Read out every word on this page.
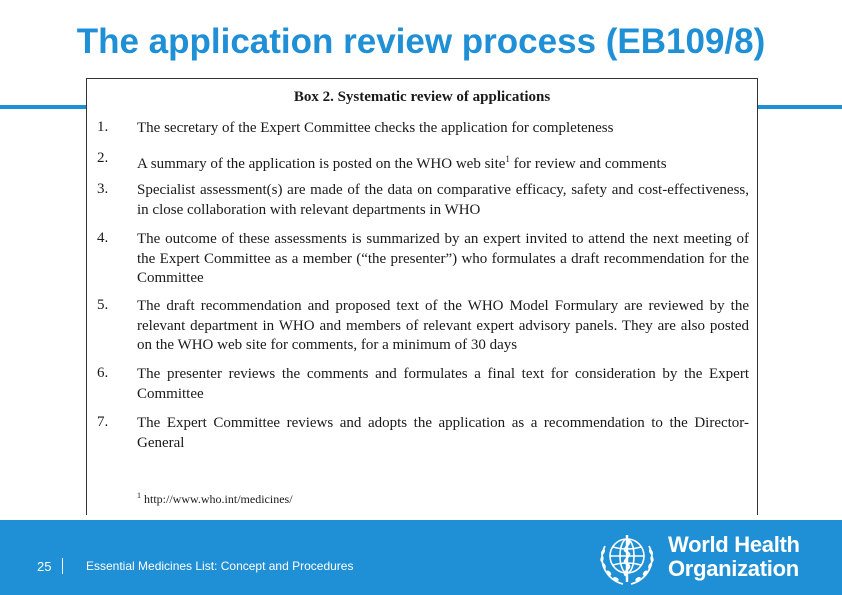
The application review process (EB109/8)
Box 2. Systematic review of applications
1. The secretary of the Expert Committee checks the application for completeness
2. A summary of the application is posted on the WHO web site$^1$ for review and comments
3. Specialist assessment(s) are made of the data on comparative efficacy, safety and cost-effectiveness, in close collaboration with relevant departments in WHO
4. The outcome of these assessments is summarized by an expert invited to attend the next meeting of the Expert Committee as a member (“the presenter”) who formulates a draft recommendation for the Committee
5. The draft recommendation and proposed text of the WHO Model Formulary are reviewed by the relevant department in WHO and members of relevant expert advisory panels. They are also posted on the WHO web site for comments, for a minimum of 30 days
6. The presenter reviews the comments and formulates a final text for consideration by the Expert Committee
7. The Expert Committee reviews and adopts the application as a recommendation to the Director-General
$^1$ http://www.who.int/medicines/
25	Essential Medicines List: Concept and Procedures
World Health
Organization
